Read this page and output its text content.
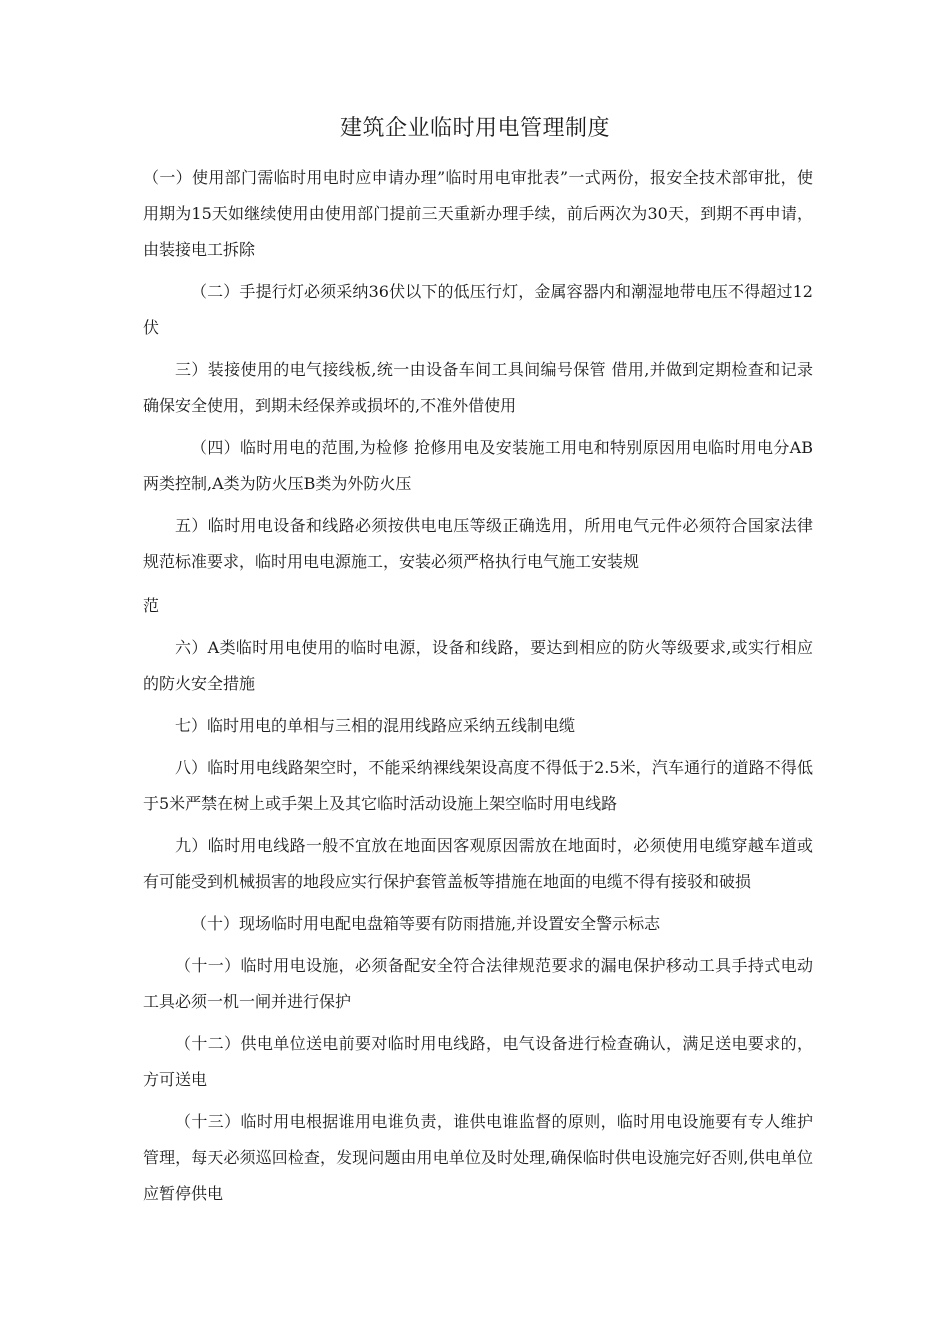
建筑企业临时用电管理制度

（一）使用部门需临时用电时应申请办理”临时用电审批表”一式两份，报安全技术部审批，使用期为15天如继续使用由使用部门提前三天重新办理手续，前后两次为30天，到期不再申请，由装接电工拆除

（二）手提行灯必须采纳36伏以下的低压行灯，金属容器内和潮湿地带电压不得超过12伏

三）装接使用的电气接线板,统一由设备车间工具间编号保管 借用,并做到定期检查和记录确保安全使用，到期未经保养或损坏的,不准外借使用

（四）临时用电的范围,为检修 抢修用电及安装施工用电和特别原因用电临时用电分AB两类控制,A类为防火压B类为外防火压

五）临时用电设备和线路必须按供电电压等级正确选用，所用电气元件必须符合国家法律规范标准要求，临时用电电源施工，安装必须严格执行电气施工安装规

范

六）A类临时用电使用的临时电源，设备和线路，要达到相应的防火等级要求,或实行相应的防火安全措施

七）临时用电的单相与三相的混用线路应采纳五线制电缆

八）临时用电线路架空时，不能采纳裸线架设高度不得低于2.5米，汽车通行的道路不得低于5米严禁在树上或手架上及其它临时活动设施上架空临时用电线路

九）临时用电线路一般不宜放在地面因客观原因需放在地面时，必须使用电缆穿越车道或有可能受到机械损害的地段应实行保护套管盖板等措施在地面的电缆不得有接驳和破损

（十）现场临时用电配电盘箱等要有防雨措施,并设置安全警示标志

（十一）临时用电设施，必须备配安全符合法律规范要求的漏电保护移动工具手持式电动工具必须一机一闸并进行保护

（十二）供电单位送电前要对临时用电线路，电气设备进行检查确认，满足送电要求的，方可送电

（十三）临时用电根据谁用电谁负责，谁供电谁监督的原则，临时用电设施要有专人维护管理，每天必须巡回检查，发现问题由用电单位及时处理,确保临时供电设施完好否则,供电单位应暂停供电
